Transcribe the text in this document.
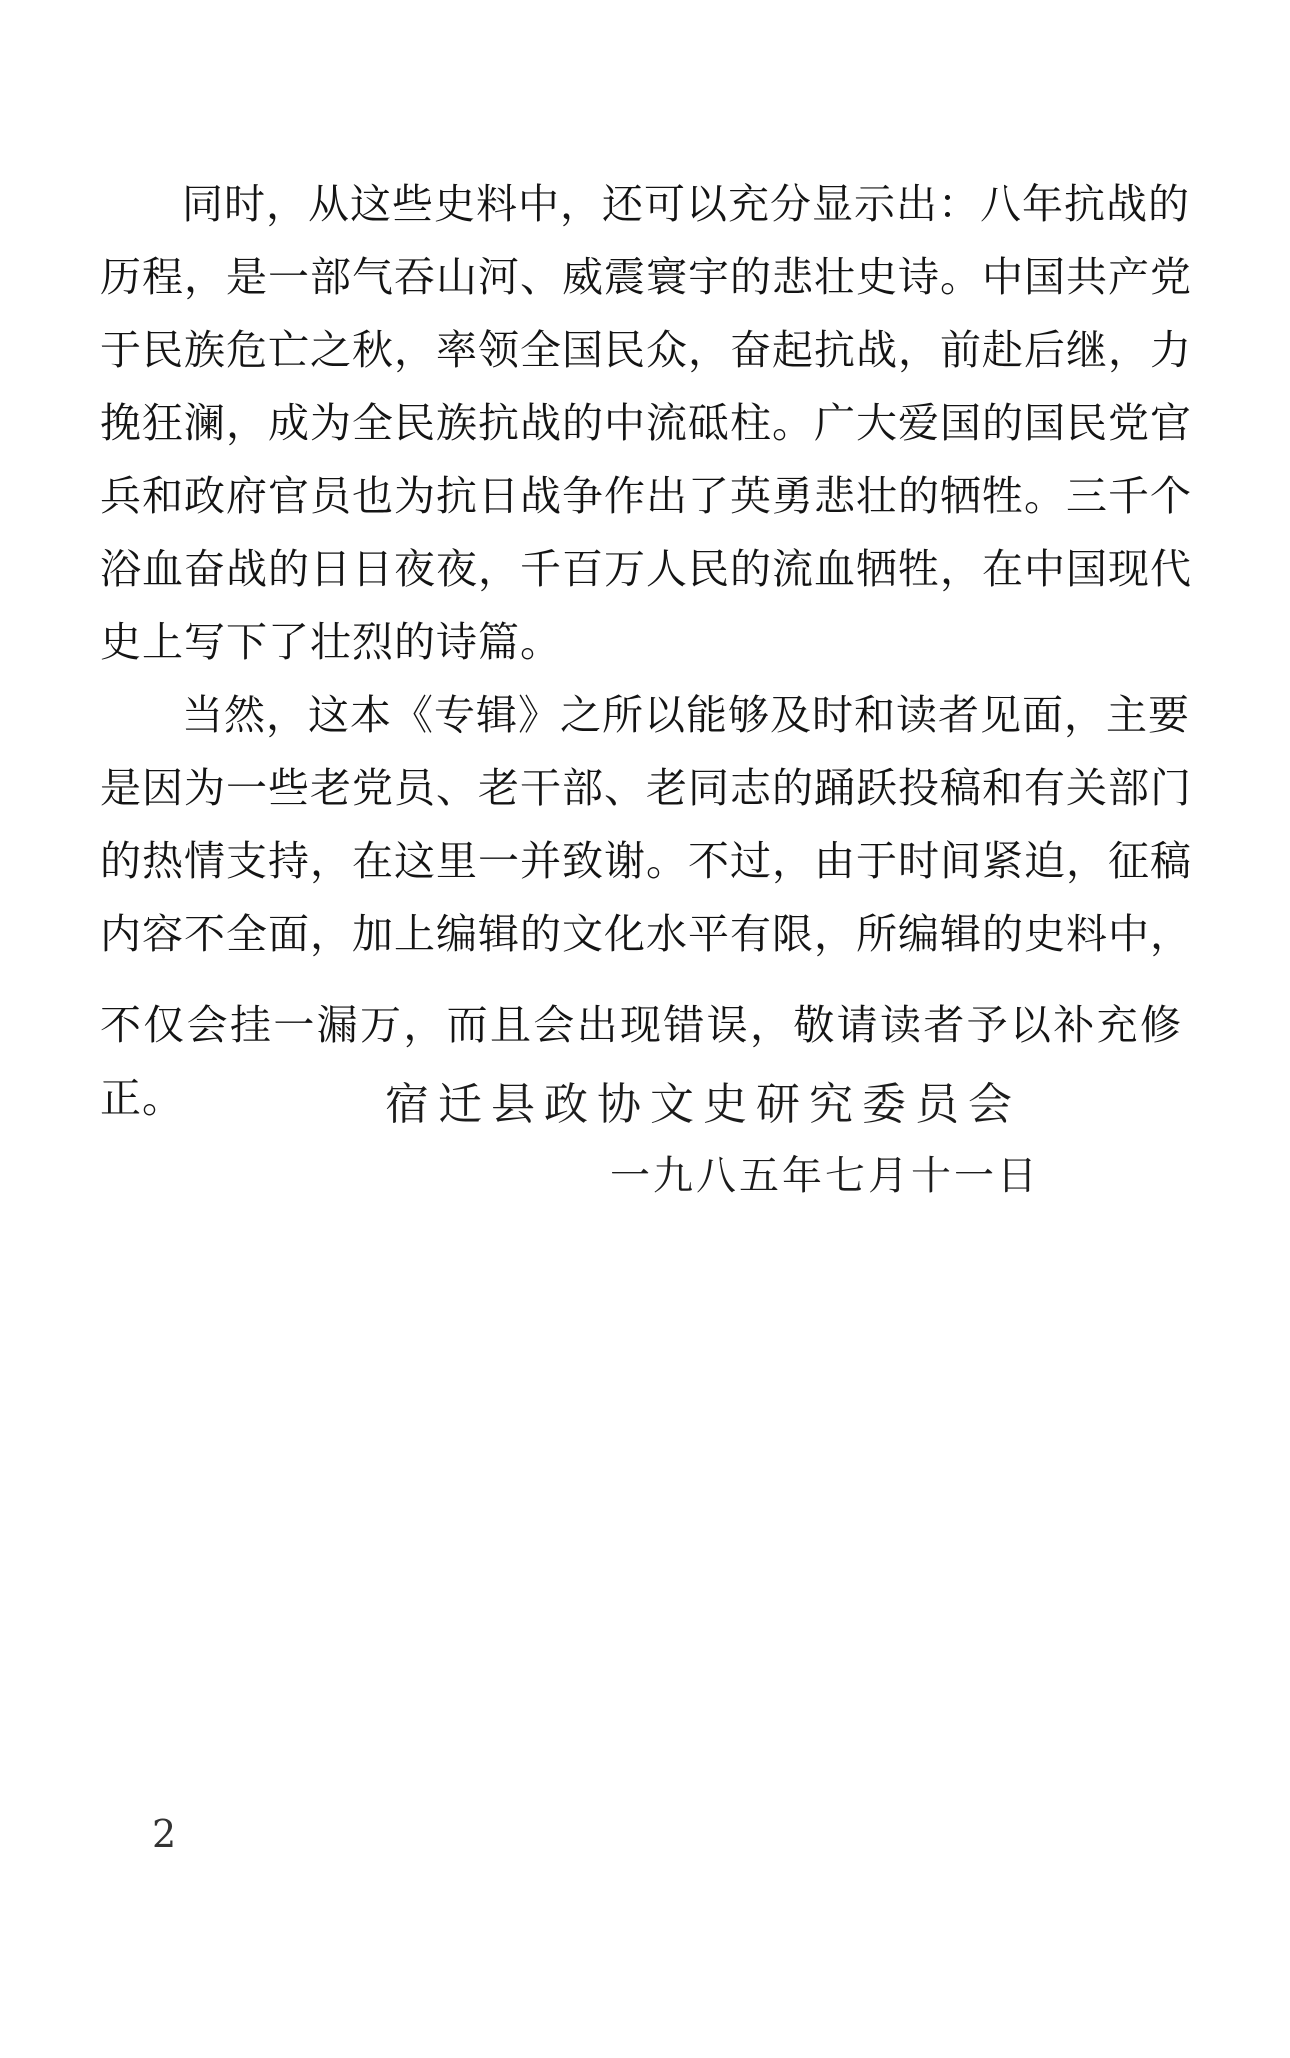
同时，从这些史料中，还可以充分显示出：八年抗战的
历程，是一部气吞山河、威震寰宇的悲壮史诗。中国共产党
于民族危亡之秋，率领全国民众，奋起抗战，前赴后继，力
挽狂澜，成为全民族抗战的中流砥柱。广大爱国的国民党官
兵和政府官员也为抗日战争作出了英勇悲壮的牺牲。三千个
浴血奋战的日日夜夜，千百万人民的流血牺牲，在中国现代
史上写下了壮烈的诗篇。
当然，这本《专辑》之所以能够及时和读者见面，主要
是因为一些老党员、老干部、老同志的踊跃投稿和有关部门
的热情支持，在这里一并致谢。不过，由于时间紧迫，征稿
内容不全面，加上编辑的文化水平有限，所编辑的史料中，
不仅会挂一漏万，而且会出现错误，敬请读者予以补充修
正。	宿迁县政协文史研究委员会
一九八五年七月十一日
2
